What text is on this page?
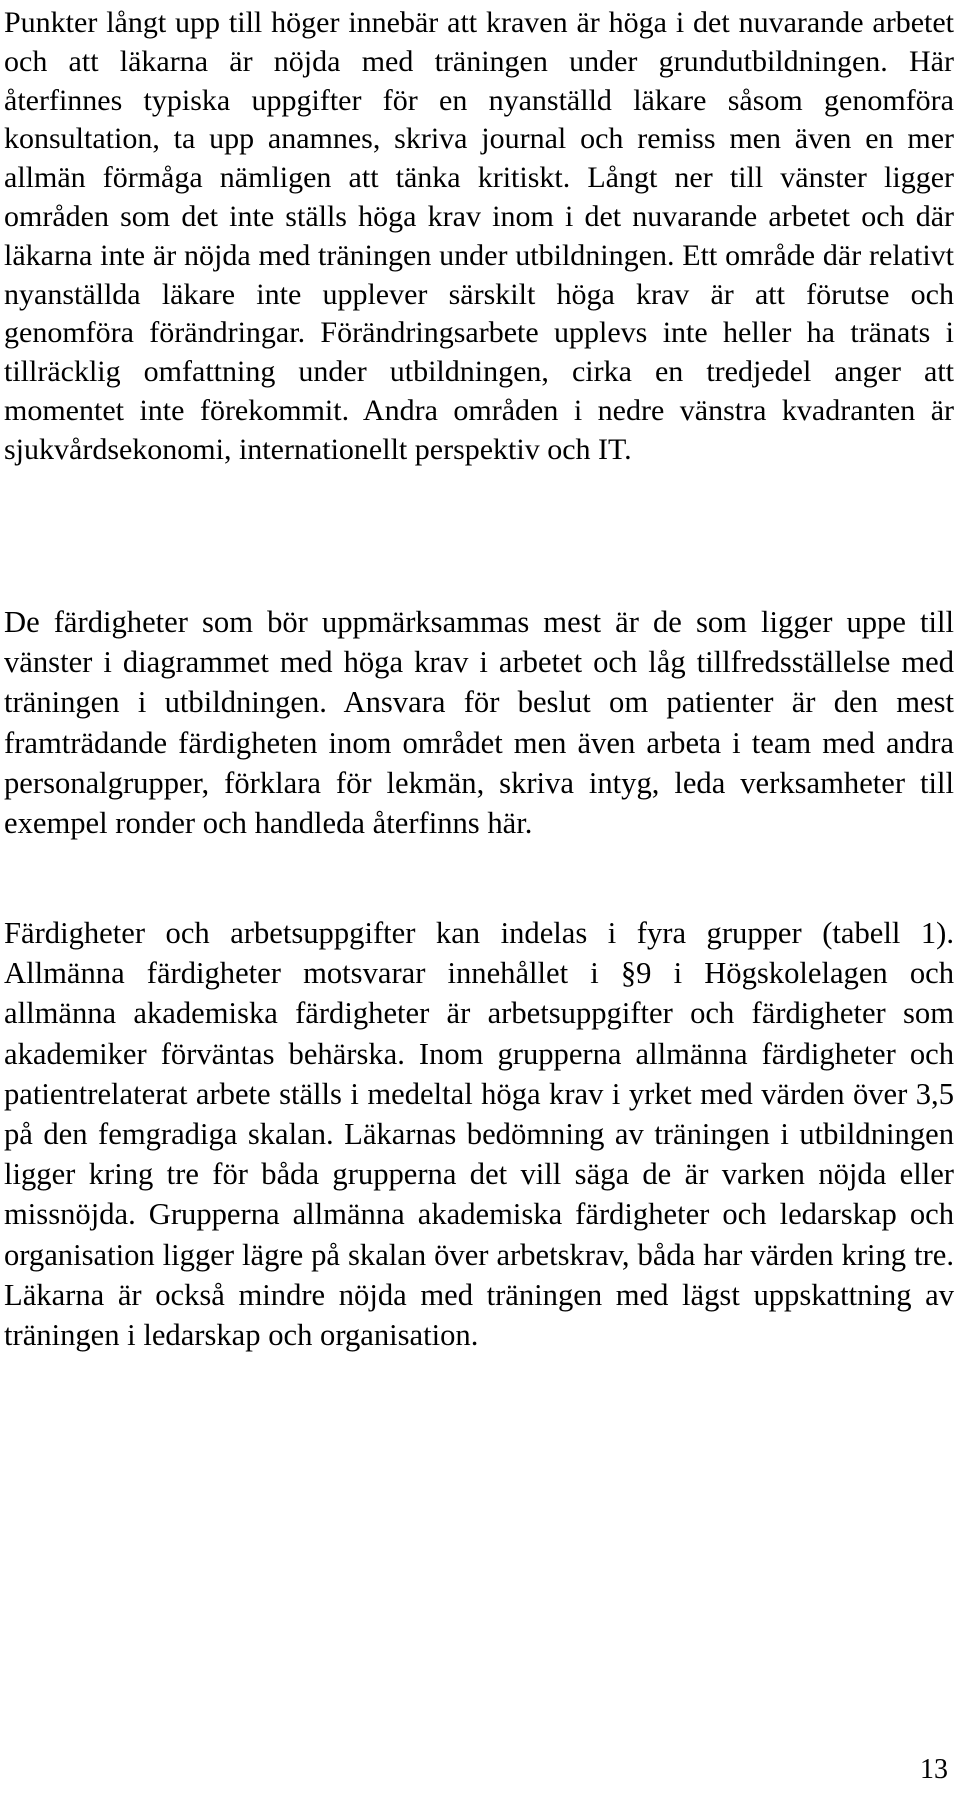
Punkter långt upp till höger innebär att kraven är höga i det nuvarande arbetet och att läkarna är nöjda med träningen under grundutbildningen. Här återfinnes typiska uppgifter för en nyanställd läkare såsom genomföra konsultation, ta upp anamnes, skriva journal och remiss men även en mer allmän förmåga nämligen att tänka kritiskt. Långt ner till vänster ligger områden som det inte ställs höga krav inom i det nuvarande arbetet och där läkarna inte är nöjda med träningen under utbildningen. Ett område där relativt nyanställda läkare inte upplever särskilt höga krav är att förutse och genomföra förändringar. Förändringsarbete upplevs inte heller ha tränats i tillräcklig omfattning under utbildningen, cirka en tredjedel anger att momentet inte förekommit. Andra områden i nedre vänstra kvadranten är sjukvårdsekonomi, internationellt perspektiv och IT.

De färdigheter som bör uppmärksammas mest är de som ligger uppe till vänster i diagrammet med höga krav i arbetet och låg tillfredsställelse med träningen i utbildningen. Ansvara för beslut om patienter är den mest framträdande färdigheten inom området men även arbeta i team med andra personalgrupper, förklara för lekmän, skriva intyg, leda verksamheter till exempel ronder och handleda återfinns här.

Färdigheter och arbetsuppgifter kan indelas i fyra grupper (tabell 1). Allmänna färdigheter motsvarar innehållet i §9 i Högskolelagen och allmänna akademiska färdigheter är arbetsuppgifter och färdigheter som akademiker förväntas behärska. Inom grupperna allmänna färdigheter och patientrelaterat arbete ställs i medeltal höga krav i yrket med värden över 3,5 på den femgradiga skalan. Läkarnas bedömning av träningen i utbildningen ligger kring tre för båda grupperna det vill säga de är varken nöjda eller missnöjda. Grupperna allmänna akademiska färdigheter och ledarskap och organisation ligger lägre på skalan över arbetskrav, båda har värden kring tre. Läkarna är också mindre nöjda med träningen med lägst uppskattning av träningen i ledarskap och organisation.

13
